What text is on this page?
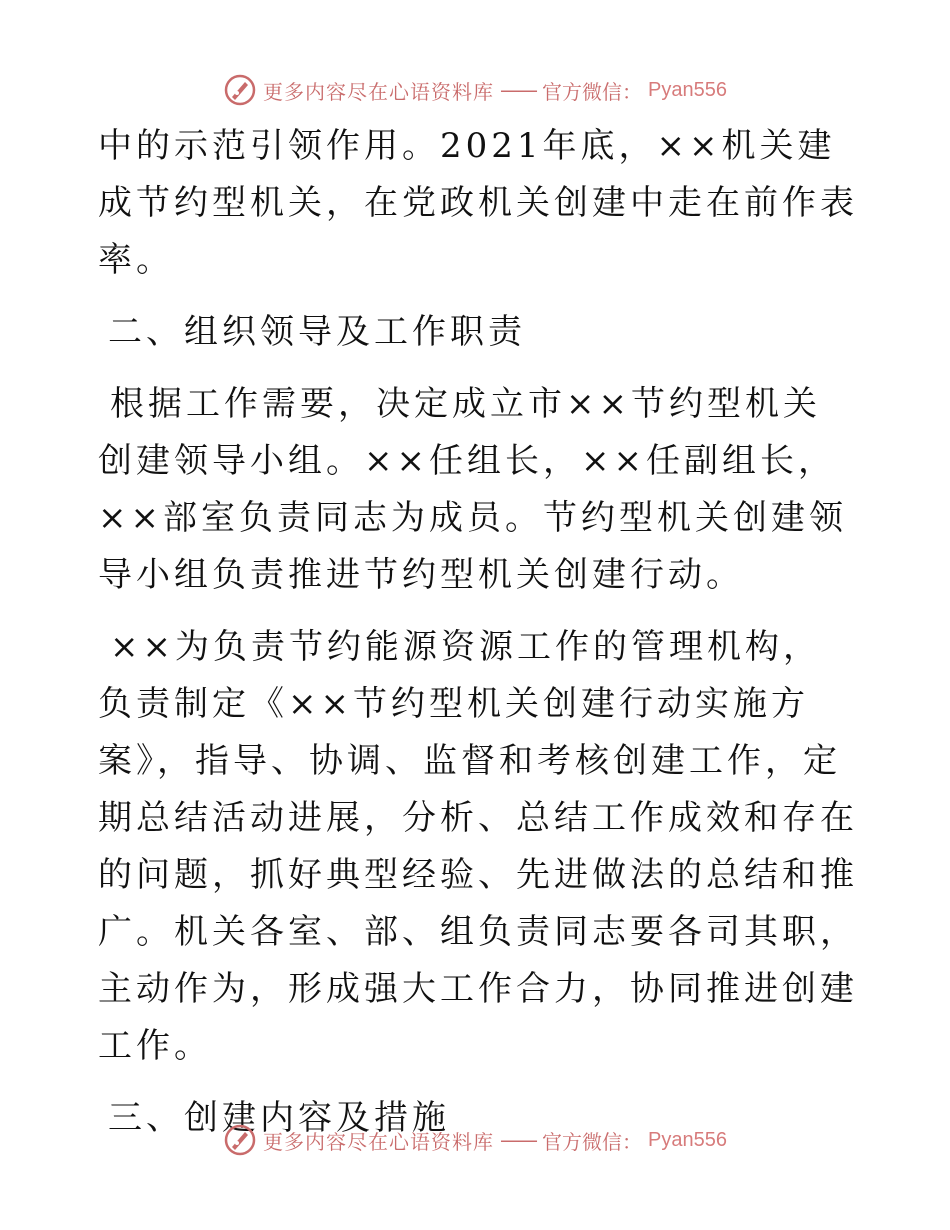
更多内容尽在心语资料库 —— 官方微信： Pyan556

中的示范引领作用。2021年底，××机关建成节约型机关，在党政机关创建中走在前作表率。

二、组织领导及工作职责

根据工作需要，决定成立市××节约型机关创建领导小组。××任组长，××任副组长，××部室负责同志为成员。节约型机关创建领导小组负责推进节约型机关创建行动。

××为负责节约能源资源工作的管理机构，负责制定《××节约型机关创建行动实施方案》，指导、协调、监督和考核创建工作，定期总结活动进展，分析、总结工作成效和存在的问题，抓好典型经验、先进做法的总结和推广。机关各室、部、组负责同志要各司其职，主动作为，形成强大工作合力，协同推进创建工作。

三、创建内容及措施

更多内容尽在心语资料库 —— 官方微信： Pyan556
